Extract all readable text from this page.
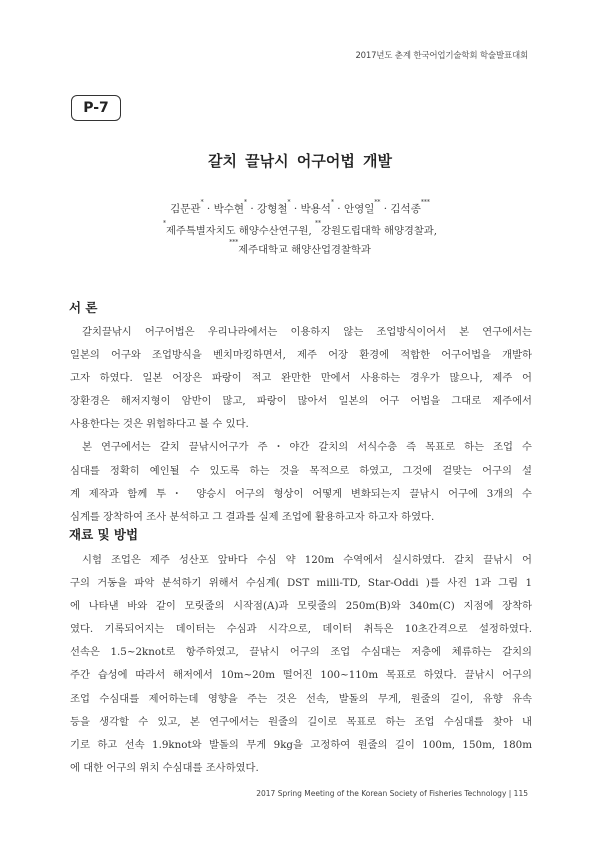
2017년도 춘계 한국어업기술학회 학술발표대회
P-7
갈치 끌낚시 어구어법 개발
김문관* · 박수현* · 강형철* · 박용석* · 안영일** · 김석종***
*제주특별자치도 해양수산연구원, **강원도립대학 해양경찰과,
***제주대학교 해양산업경찰학과
서 론
갈치끌낚시 어구어법은 우리나라에서는 이용하지 않는 조업방식이어서 본 연구에서는
일본의 어구와 조업방식을 벤치마킹하면서, 제주 어장 환경에 적합한 어구어법을 개발하
고자 하였다. 일본 어장은 파랑이 적고 완만한 만에서 사용하는 경우가 많으나, 제주 어
장환경은 해저지형이 암반이 많고, 파랑이 많아서 일본의 어구 어법을 그대로 제주에서
사용한다는 것은 위험하다고 볼 수 있다.
본 연구에서는 갈치 끌낚시어구가 주・야간 갈치의 서식수층 즉 목표로 하는 조업 수
심대를 정확히 예인될 수 있도록 하는 것을 목적으로 하였고, 그것에 걸맞는 어구의 설
계 제작과 함께 투・ 양승시 어구의 형상이 어떻게 변화되는지 끌낚시 어구에 3개의 수
심계를 장착하여 조사 분석하고 그 결과를 실제 조업에 활용하고자 하고자 하였다.
재료 및 방법
시험 조업은 제주 성산포 앞바다 수심 약 120m 수역에서 실시하였다. 갈치 끌낚시 어
구의 거동을 파악 분석하기 위해서 수심계( DST milli-TD, Star-Oddi )를 사진 1과 그림 1
에 나타낸 바와 같이 모릿줄의 시작점(A)과 모릿줄의 250m(B)와 340m(C) 지점에 장착하
였다. 기록되어지는 데이터는 수심과 시각으로, 데이터 취득은 10초간격으로 설정하였다.
선속은 1.5~2knot로 항주하였고, 끌낚시 어구의 조업 수심대는 저층에 체류하는 갈치의
주간 습성에 따라서 해저에서 10m~20m 떨어진 100~110m 목표로 하였다. 끌낚시 어구의
조업 수심대를 제어하는데 영향을 주는 것은 선속, 발돌의 무게, 원줄의 길이, 유향 유속
등을 생각할 수 있고, 본 연구에서는 원줄의 길이로 목표로 하는 조업 수심대를 찾아 내
기로 하고 선속 1.9knot와 발돌의 무게 9kg을 고정하여 원줄의 길이 100m, 150m, 180m
에 대한 어구의 위치 수심대를 조사하였다.
2017 Spring Meeting of the Korean Society of Fisheries Technology | 115
